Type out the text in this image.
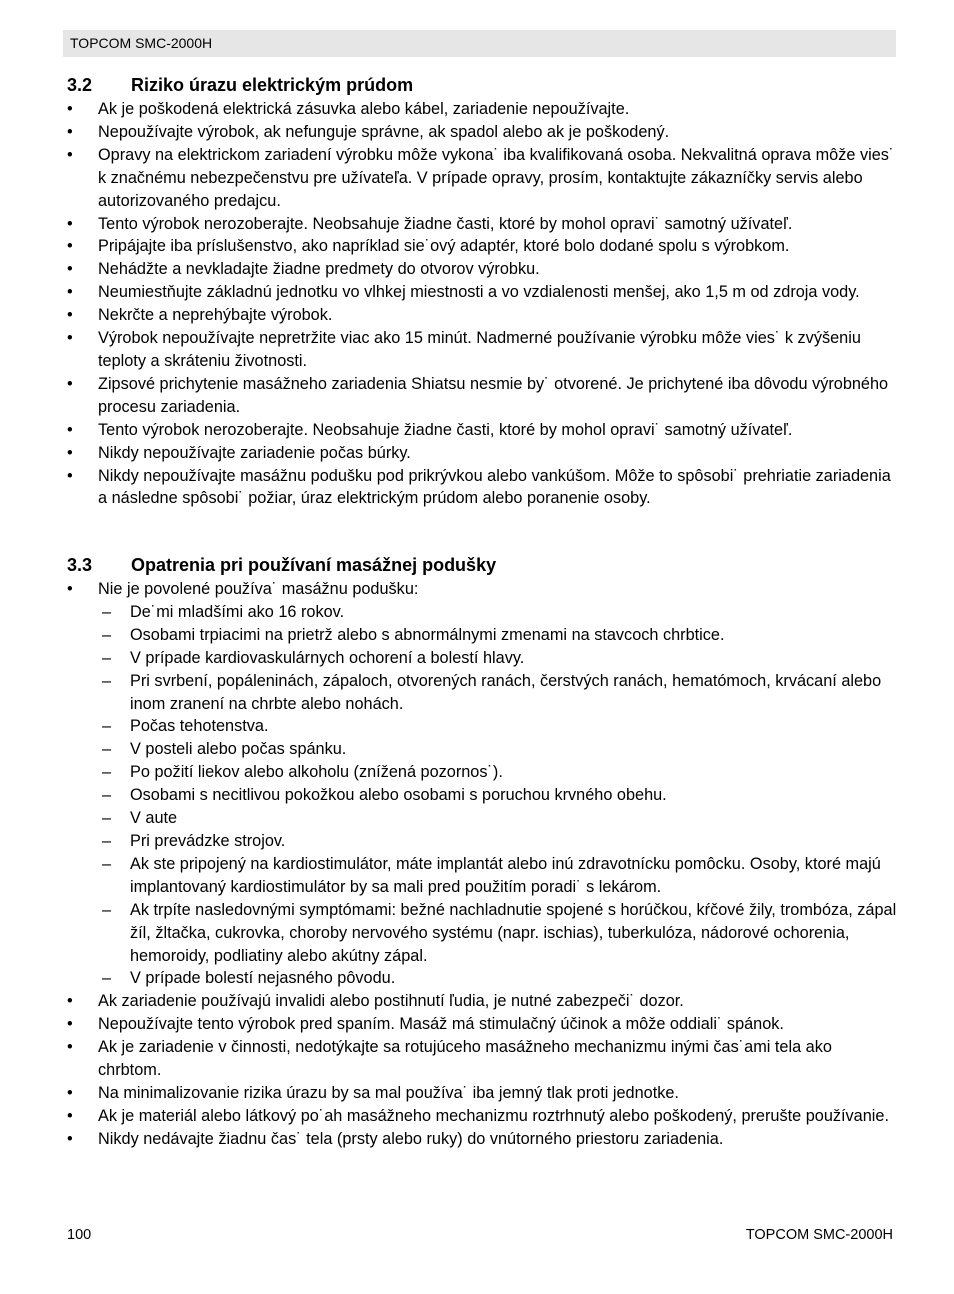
TOPCOM SMC-2000H
3.2 Riziko úrazu elektrickým prúdom
• Ak je poškodená elektrická zásuvka alebo kábel, zariadenie nepoužívajte.
• Nepoužívajte výrobok, ak nefunguje správne, ak spadol alebo ak je poškodený.
• Opravy na elektrickom zariadení výrobku môže vykona˙ iba kvalifikovaná osoba. Nekvalitná oprava môže vies˙ k značnému nebezpečenstvu pre užívateľa. V prípade opravy, prosím, kontaktujte zákazníčky servis alebo autorizovaného predajcu.
• Tento výrobok nerozoberajte. Neobsahuje žiadne časti, ktoré by mohol opravi˙ samotný užívateľ.
• Pripájajte iba príslušenstvo, ako napríklad sie˙ový adaptér, ktoré bolo dodané spolu s výrobkom.
• Nehádžte a nevkladajte žiadne predmety do otvorov výrobku.
• Neumiestňujte základnú jednotku vo vlhkej miestnosti a vo vzdialenosti menšej, ako 1,5 m od zdroja vody.
• Nekrčte a neprehýbajte výrobok.
• Výrobok nepoužívajte nepretržite viac ako 15 minút. Nadmerné používanie výrobku môže vies˙ k zvýšeniu teploty a skráteniu životnosti.
• Zipsové prichytenie masážneho zariadenia Shiatsu nesmie by˙ otvorené. Je prichytené iba dôvodu výrobného procesu zariadenia.
• Tento výrobok nerozoberajte. Neobsahuje žiadne časti, ktoré by mohol opravi˙ samotný užívateľ.
• Nikdy nepoužívajte zariadenie počas búrky.
• Nikdy nepoužívajte masážnu podušku pod prikrývkou alebo vankúšom. Môže to spôsobi˙ prehriatie zariadenia a následne spôsobi˙ požiar, úraz elektrickým prúdom alebo poranenie osoby.
3.3 Opatrenia pri používaní masážnej podušky
• Nie je povolené používa˙ masážnu podušku:
– De˙mi mladšími ako 16 rokov.
– Osobami trpiacimi na prietrž alebo s abnormálnymi zmenami na stavcoch chrbtice.
– V prípade kardiovaskulárnych ochorení a bolestí hlavy.
– Pri svrbení, popáleninách, zápaloch, otvorených ranách, čerstvých ranách, hematómoch, krvácaní alebo inom zranení na chrbte alebo nohách.
– Počas tehotenstva.
– V posteli alebo počas spánku.
– Po požití liekov alebo alkoholu (znížená pozornos˙).
– Osobami s necitlivou pokožkou alebo osobami s poruchou krvného obehu.
– V aute
– Pri prevádzke strojov.
– Ak ste pripojený na kardiostimulátor, máte implantát alebo inú zdravotnícku pomôcku. Osoby, ktoré majú implantovaný kardiostimulátor by sa mali pred použitím poradi˙ s lekárom.
– Ak trpíte nasledovnými symptómami: bežné nachladnutie spojené s horúčkou, kŕčové žily, trombóza, zápal žíl, žltačka, cukrovka, choroby nervového systému (napr. ischias), tuberkulóza, nádorové ochorenia, hemoroidy, podliatiny alebo akútny zápal.
– V prípade bolestí nejasného pôvodu.
• Ak zariadenie používajú invalidi alebo postihnutí ľudia, je nutné zabezpeči˙ dozor.
• Nepoužívajte tento výrobok pred spaním. Masáž má stimulačný účinok a môže oddiali˙ spánok.
• Ak je zariadenie v činnosti, nedotýkajte sa rotujúceho masážneho mechanizmu inými čas˙ami tela ako chrbtom.
• Na minimalizovanie rizika úrazu by sa mal používa˙ iba jemný tlak proti jednotke.
• Ak je materiál alebo látkový po˙ah masážneho mechanizmu roztrhnutý alebo poškodený, prerušte používanie.
• Nikdy nedávajte žiadnu čas˙ tela (prsty alebo ruky) do vnútorného priestoru zariadenia.
100	TOPCOM SMC-2000H
